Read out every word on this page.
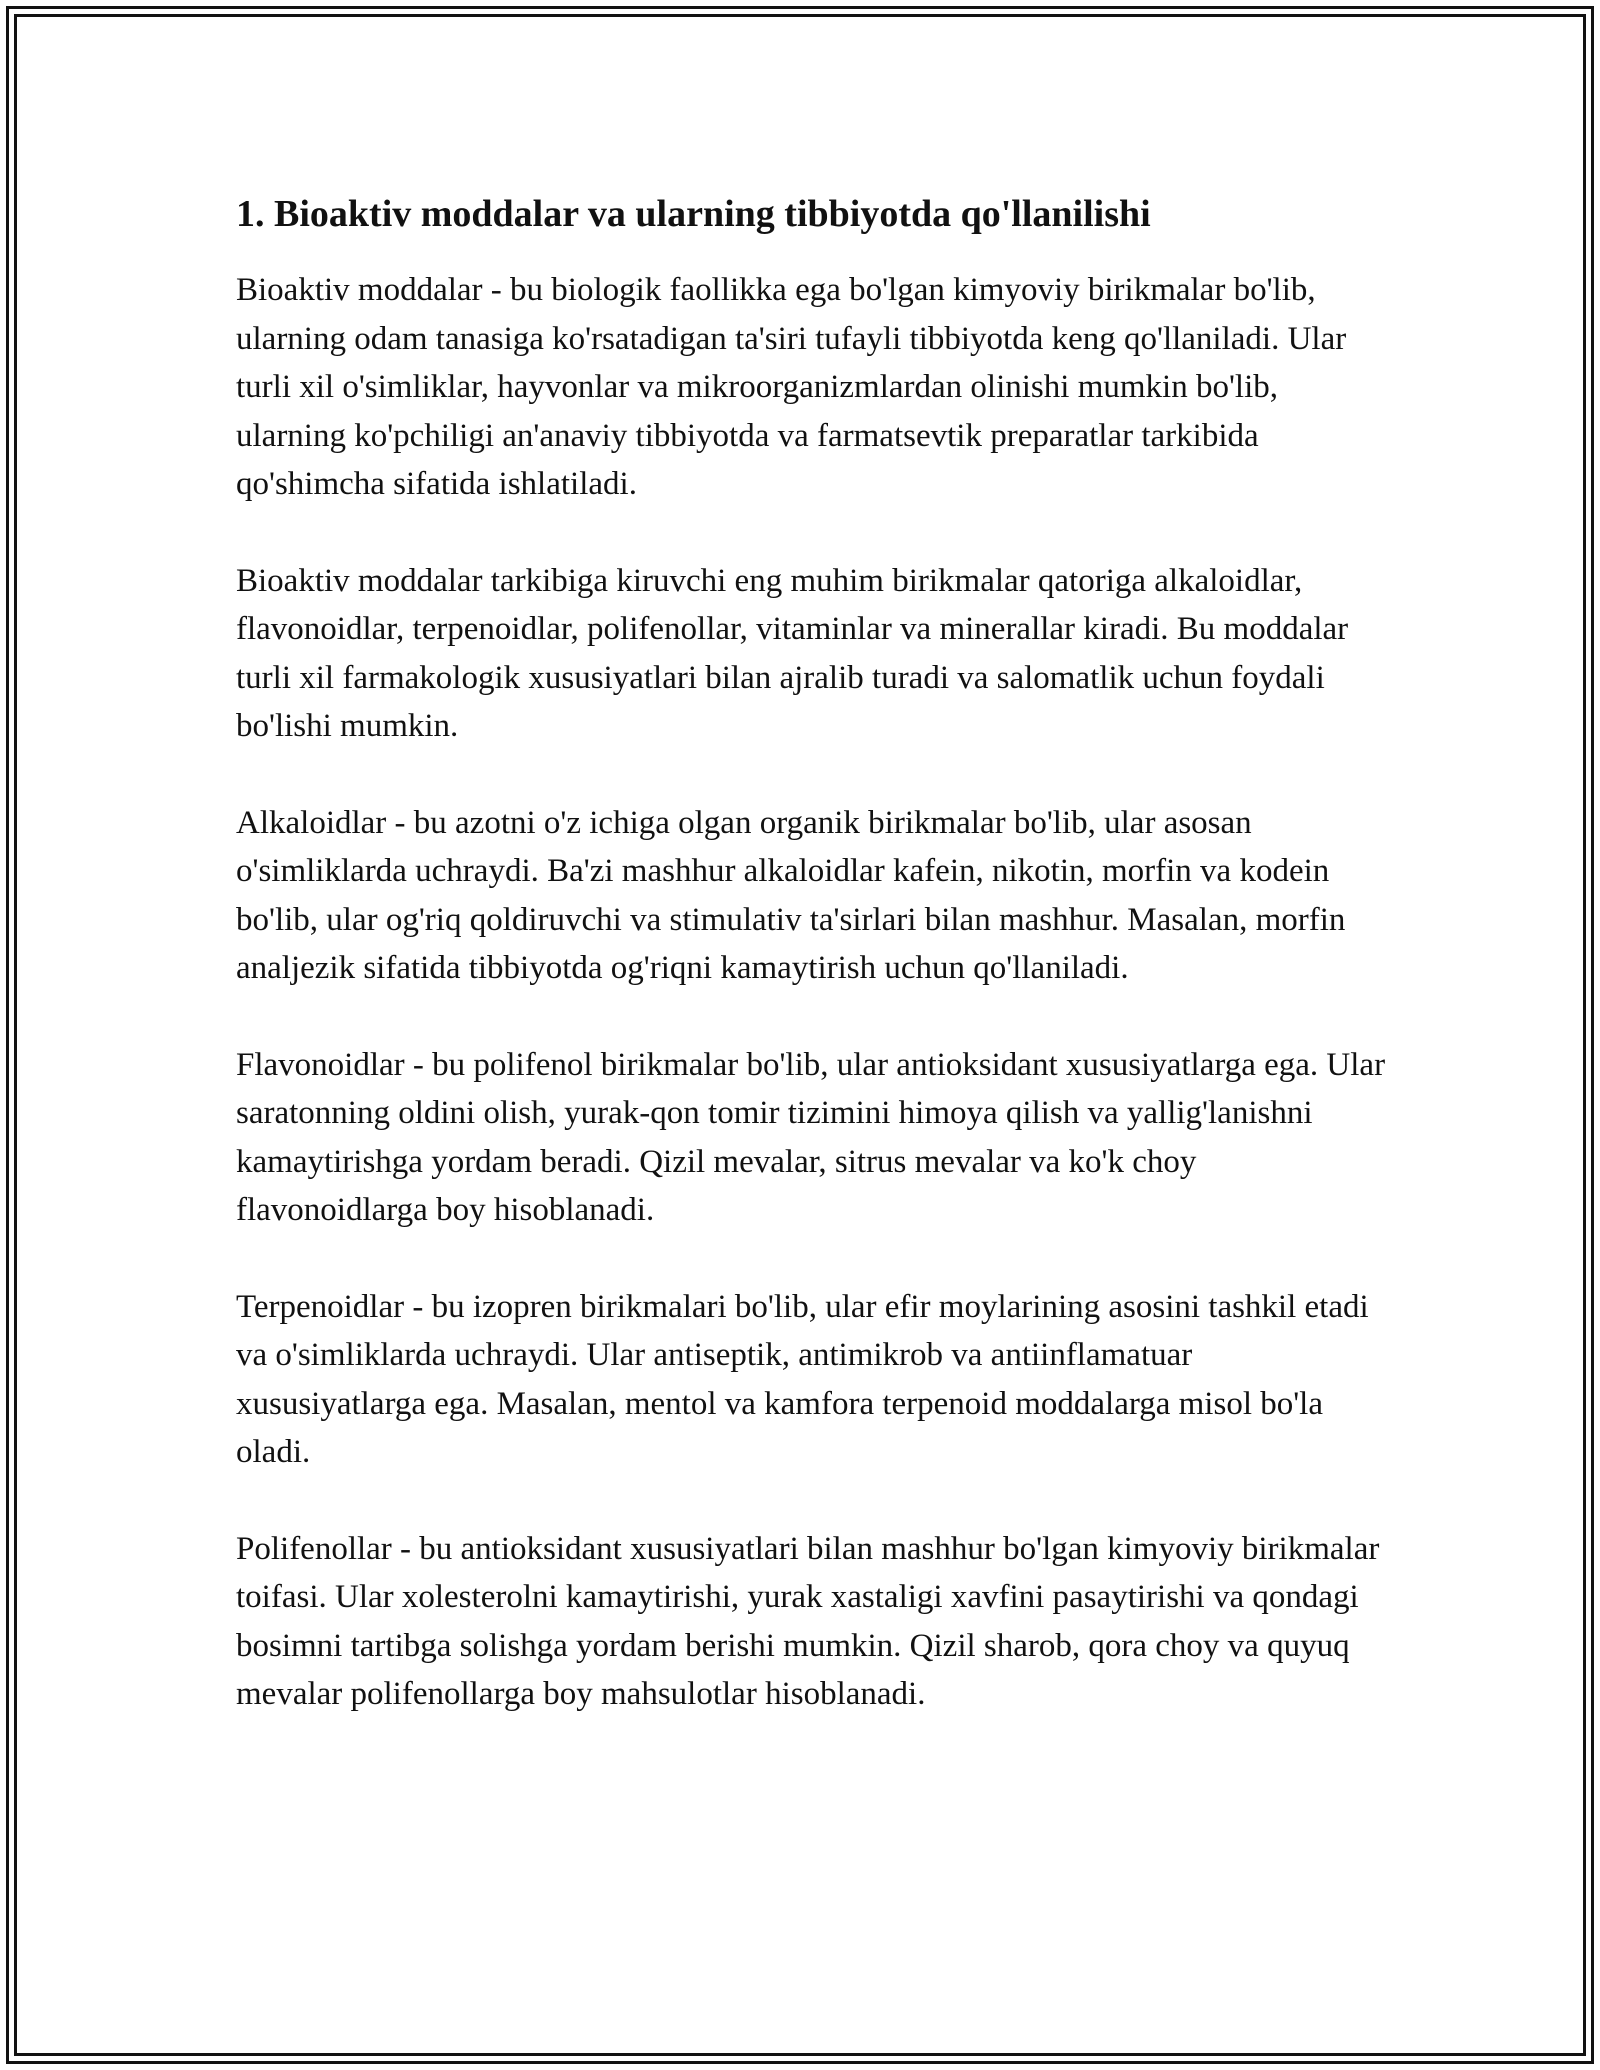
1. Bioaktiv moddalar va ularning tibbiyotda qo'llanilishi

Bioaktiv moddalar - bu biologik faollikka ega bo'lgan kimyoviy birikmalar bo'lib, ularning odam tanasiga ko'rsatadigan ta'siri tufayli tibbiyotda keng qo'llaniladi. Ular turli xil o'simliklar, hayvonlar va mikroorganizmlardan olinishi mumkin bo'lib, ularning ko'pchiligi an'anaviy tibbiyotda va farmatsevtik preparatlar tarkibida qo'shimcha sifatida ishlatiladi.

Bioaktiv moddalar tarkibiga kiruvchi eng muhim birikmalar qatoriga alkaloidlar, flavonoidlar, terpenoidlar, polifenollar, vitaminlar va minerallar kiradi. Bu moddalar turli xil farmakologik xususiyatlari bilan ajralib turadi va salomatlik uchun foydali bo'lishi mumkin.

Alkaloidlar - bu azotni o'z ichiga olgan organik birikmalar bo'lib, ular asosan o'simliklarda uchraydi. Ba'zi mashhur alkaloidlar kafein, nikotin, morfin va kodein bo'lib, ular og'riq qoldiruvchi va stimulativ ta'sirlari bilan mashhur. Masalan, morfin analjezik sifatida tibbiyotda og'riqni kamaytirish uchun qo'llaniladi.

Flavonoidlar - bu polifenol birikmalar bo'lib, ular antioksidant xususiyatlarga ega. Ular saratonning oldini olish, yurak-qon tomir tizimini himoya qilish va yallig'lanishni kamaytirishga yordam beradi. Qizil mevalar, sitrus mevalar va ko'k choy flavonoidlarga boy hisoblanadi.

Terpenoidlar - bu izopren birikmalari bo'lib, ular efir moylarining asosini tashkil etadi va o'simliklarda uchraydi. Ular antiseptik, antimikrob va antiinflamatuar xususiyatlarga ega. Masalan, mentol va kamfora terpenoid moddalarga misol bo'la oladi.

Polifenollar - bu antioksidant xususiyatlari bilan mashhur bo'lgan kimyoviy birikmalar toifasi. Ular xolesterolni kamaytirishi, yurak xastaligi xavfini pasaytirishi va qondagi bosimni tartibga solishga yordam berishi mumkin. Qizil sharob, qora choy va quyuq mevalar polifenollarga boy mahsulotlar hisoblanadi.
